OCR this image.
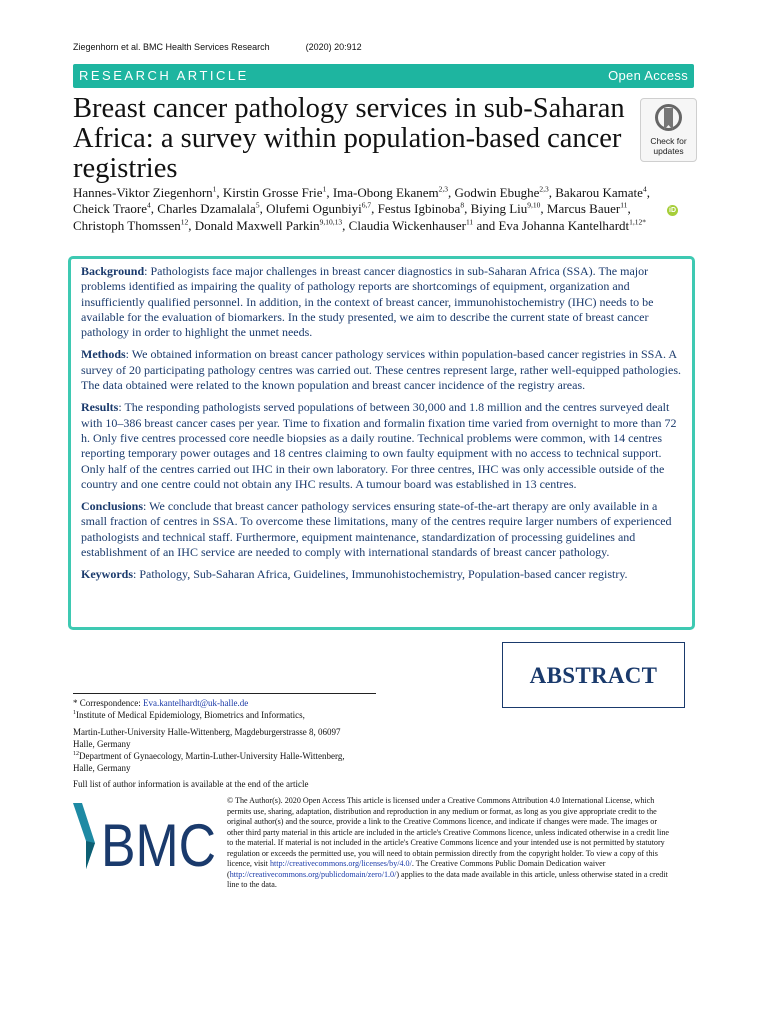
Ziegenhorn et al. BMC Health Services Research	(2020) 20:912
RESEARCH ARTICLE	Open Access
Breast cancer pathology services in sub-Saharan Africa: a survey within population-based cancer registries
Check for
updates
Hannes-Viktor Ziegenhorn$^1$, Kirstin Grosse Frie$^1$, Ima-Obong Ekanem$^{2,3}$, Godwin Ebughe$^{2,3}$, Bakarou Kamate$^4$, Cheick Traore$^4$, Charles Dzamalala$^5$, Olufemi Ogunbiyi$^{6,7}$, Festus Igbinoba$^8$, Biying Liu$^{9,10}$, Marcus Bauer$^{11}$, Christoph Thomssen$^{12}$, Donald Maxwell Parkin$^{9,10,13}$, Claudia Wickenhauser$^{11}$ and Eva Johanna Kantelhardt$^{1,12*}$
iD

Background: Pathologists face major challenges in breast cancer diagnostics in sub-Saharan Africa (SSA). The major problems identified as impairing the quality of pathology reports are shortcomings of equipment, organization and insufficiently qualified personnel. In addition, in the context of breast cancer, immunohistochemistry (IHC) needs to be available for the evaluation of biomarkers. In the study presented, we aim to describe the current state of breast cancer pathology in order to highlight the unmet needs.

Methods: We obtained information on breast cancer pathology services within population-based cancer registries in SSA. A survey of 20 participating pathology centres was carried out. These centres represent large, rather well-equipped pathologies. The data obtained were related to the known population and breast cancer incidence of the registry areas.

Results: The responding pathologists served populations of between 30,000 and 1.8 million and the centres surveyed dealt with 10–386 breast cancer cases per year. Time to fixation and formalin fixation time varied from overnight to more than 72 h. Only five centres processed core needle biopsies as a daily routine. Technical problems were common, with 14 centres reporting temporary power outages and 18 centres claiming to own faulty equipment with no access to technical support. Only half of the centres carried out IHC in their own laboratory. For three centres, IHC was only accessible outside of the country and one centre could not obtain any IHC results. A tumour board was established in 13 centres.

Conclusions: We conclude that breast cancer pathology services ensuring state-of-the-art therapy are only available in a small fraction of centres in SSA. To overcome these limitations, many of the centres require larger numbers of experienced pathologists and technical staff. Furthermore, equipment maintenance, standardization of processing guidelines and establishment of an IHC service are needed to comply with international standards of breast cancer pathology.

Keywords: Pathology, Sub-Saharan Africa, Guidelines, Immunohistochemistry, Population-based cancer registry.

ABSTRACT
* Correspondence: Eva.kantelhardt@uk-halle.de
$^1$Institute of Medical Epidemiology, Biometrics and Informatics,
Martin-Luther-University Halle-Wittenberg, Magdeburgerstrasse 8, 06097
Halle, Germany
$^{12}$Department of Gynaecology, Martin-Luther-University Halle-Wittenberg,
Halle, Germany
Full list of author information is available at the end of the article
BMC
© The Author(s). 2020 Open Access This article is licensed under a Creative Commons Attribution 4.0 International License, which permits use, sharing, adaptation, distribution and reproduction in any medium or format, as long as you give appropriate credit to the original author(s) and the source, provide a link to the Creative Commons licence, and indicate if changes were made. The images or other third party material in this article are included in the article's Creative Commons licence, unless indicated otherwise in a credit line to the material. If material is not included in the article's Creative Commons licence and your intended use is not permitted by statutory regulation or exceeds the permitted use, you will need to obtain permission directly from the copyright holder. To view a copy of this licence, visit http://creativecommons.org/licenses/by/4.0/. The Creative Commons Public Domain Dedication waiver (http://creativecommons.org/publicdomain/zero/1.0/) applies to the data made available in this article, unless otherwise stated in a credit line to the data.
